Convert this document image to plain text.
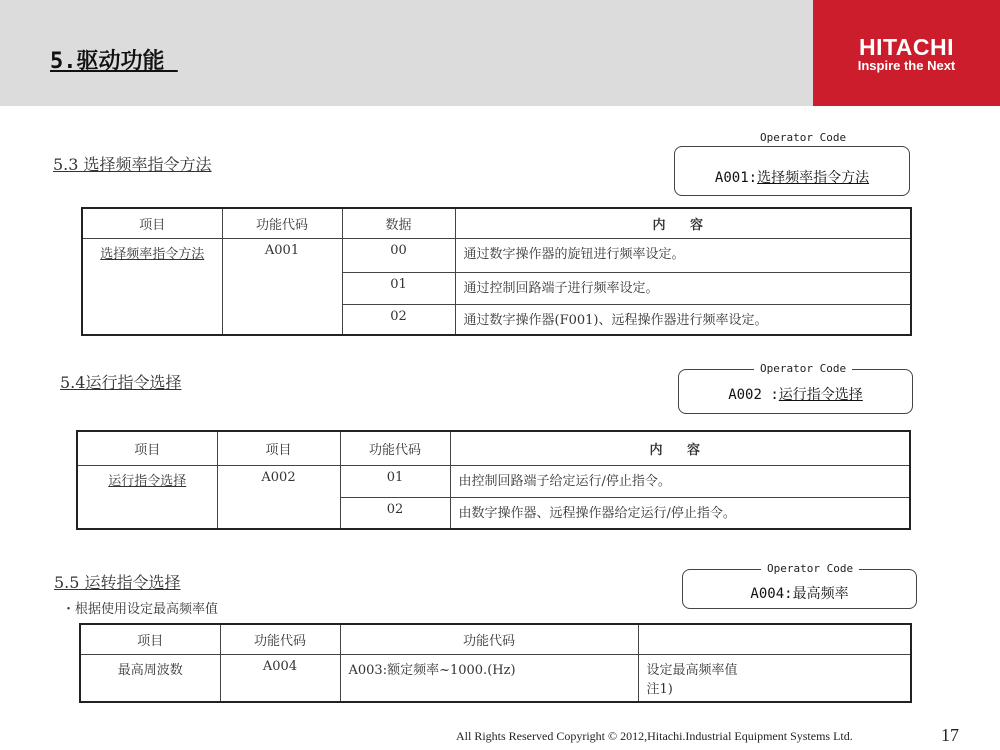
5.驱动功能
HITACHI
Inspire the Next
5.3 选择频率指令方法
Operator Code
A001:选择频率指令方法
项目	功能代码	数据	内 容
选择频率指令方法	A001	00	通过数字操作器的旋钮进行频率设定。
		01	通过控制回路端子进行频率设定。
		02	通过数字操作器(F001)、远程操作器进行频率设定。
5.4运行指令选择
A002 :运行指令选择
Operator Code
项目	项目	功能代码	内 容
运行指令选择	A002	01	由控制回路端子给定运行/停止指令。
		02	由数字操作器、远程操作器给定运行/停止指令。
5.5 运转指令选择
・根据使用设定最高频率值
A004:最高频率
Operator Code
项目	功能代码	功能代码	
最高周波数	A004	A003:额定频率~1000.(Hz)	设定最高频率值
注1)
All Rights Reserved Copyright © 2012,Hitachi.Industrial Equipment Systems Ltd.	17
